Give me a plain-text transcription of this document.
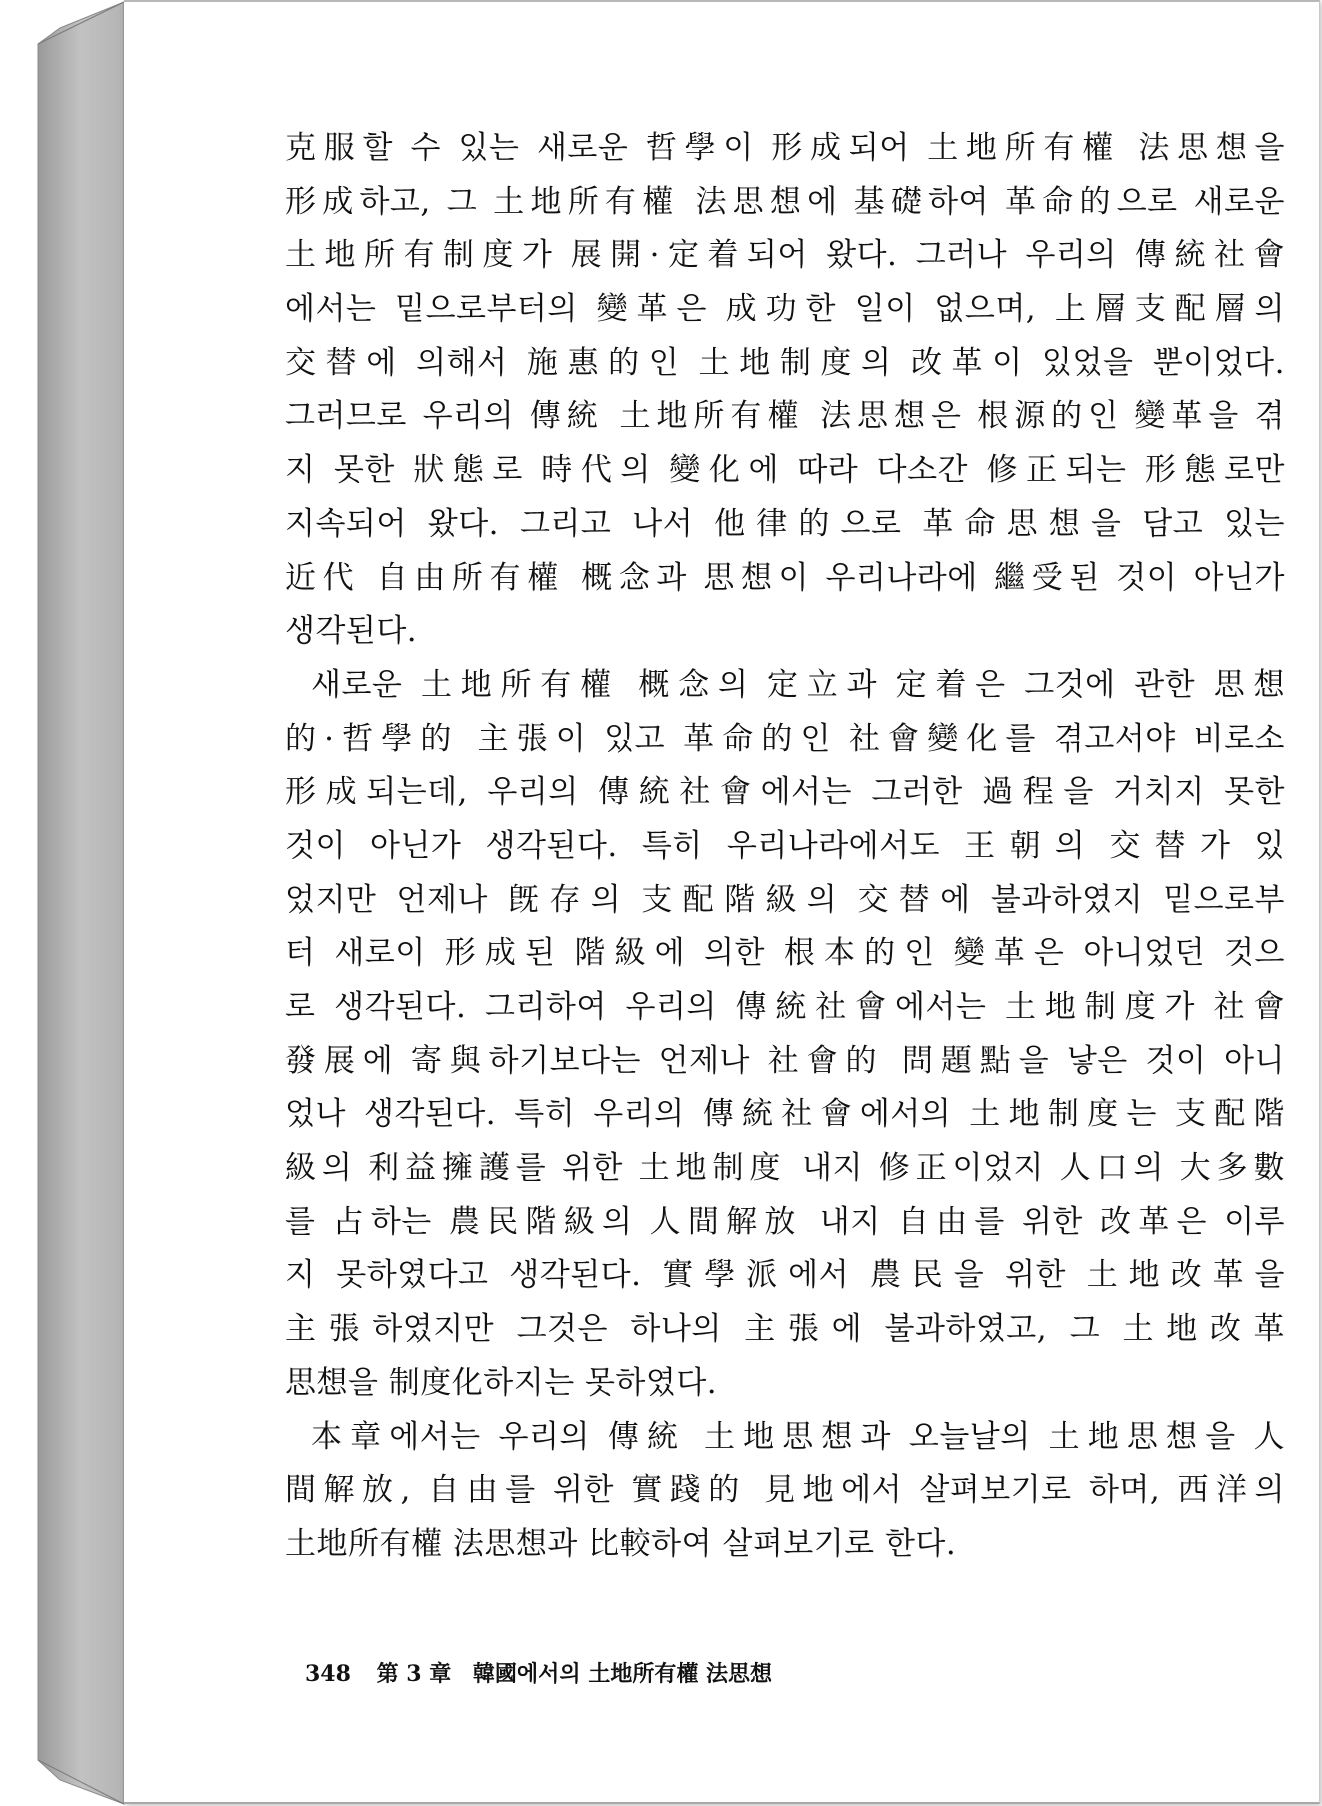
克服할 수 있는 새로운 哲學이 形成되어 土地所有權 法思想을
形成하고, 그 土地所有權 法思想에 基礎하여 革命的으로 새로운
土地所有制度가 展開·定着되어 왔다. 그러나 우리의 傳統社會
에서는 밑으로부터의 變革은 成功한 일이 없으며, 上層支配層의
交替에 의해서 施惠的인 土地制度의 改革이 있었을 뿐이었다.
그러므로 우리의 傳統 土地所有權 法思想은 根源的인 變革을 겪
지 못한 狀態로 時代의 變化에 따라 다소간 修正되는 形態로만
지속되어 왔다. 그리고 나서 他律的으로 革命思想을 담고 있는
近代 自由所有權 概念과 思想이 우리나라에 繼受된 것이 아닌가
생각된다.
새로운 土地所有權 概念의 定立과 定着은 그것에 관한 思想
的·哲學的 主張이 있고 革命的인 社會變化를 겪고서야 비로소
形成되는데, 우리의 傳統社會에서는 그러한 過程을 거치지 못한
것이 아닌가 생각된다. 특히 우리나라에서도 王朝의 交替가 있
었지만 언제나 旣存의 支配階級의 交替에 불과하였지 밑으로부
터 새로이 形成된 階級에 의한 根本的인 變革은 아니었던 것으
로 생각된다. 그리하여 우리의 傳統社會에서는 土地制度가 社會
發展에 寄與하기보다는 언제나 社會的 問題點을 낳은 것이 아니
었나 생각된다. 특히 우리의 傳統社會에서의 土地制度는 支配階
級의 利益擁護를 위한 土地制度 내지 修正이었지 人口의 大多數
를 占하는 農民階級의 人間解放 내지 自由를 위한 改革은 이루
지 못하였다고 생각된다. 實學派에서 農民을 위한 土地改革을
主張하였지만 그것은 하나의 主張에 불과하였고, 그 土地改革
思想을 制度化하지는 못하였다.
本章에서는 우리의 傳統 土地思想과 오늘날의 土地思想을 人
間解放, 自由를 위한 實踐的 見地에서 살펴보기로 하며, 西洋의
土地所有權 法思想과 比較하여 살펴보기로 한다.
348 第 3 章 韓國에서의 土地所有權 法思想
